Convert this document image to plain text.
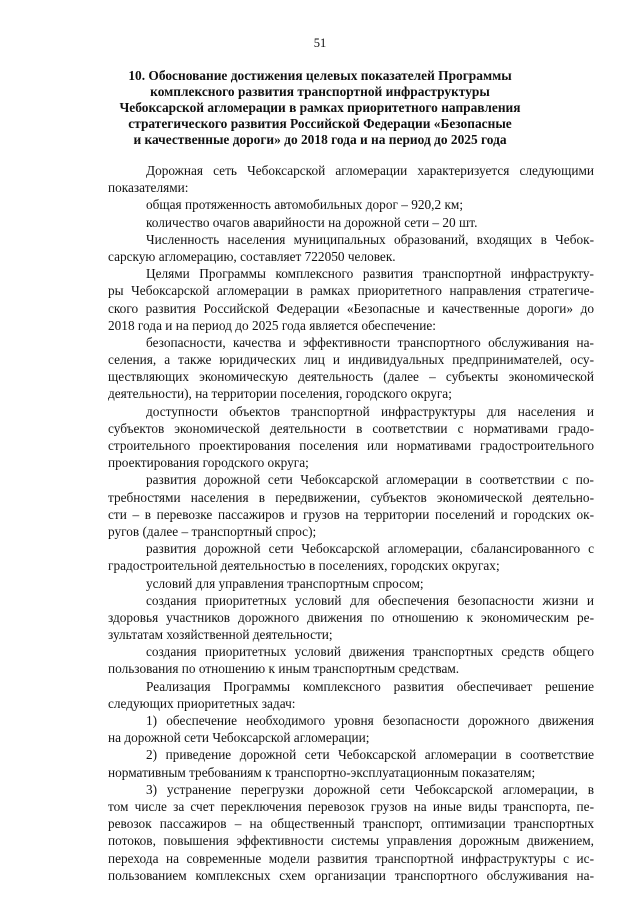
51
10. Обоснование достижения целевых показателей Программы
комплексного развития транспортной инфраструктуры
Чебоксарской агломерации в рамках приоритетного направления
стратегического развития Российской Федерации «Безопасные
и качественные дороги» до 2018 года и на период до 2025 года
Дорожная сеть Чебоксарской агломерации характеризуется следующими
показателями:
общая протяженность автомобильных дорог – 920,2 км;
количество очагов аварийности на дорожной сети – 20 шт.
Численность населения муниципальных образований, входящих в Чебок-
сарскую агломерацию, составляет 722050 человек.
Целями Программы комплексного развития транспортной инфраструкту-
ры Чебоксарской агломерации в рамках приоритетного направления стратегиче-
ского развития Российской Федерации «Безопасные и качественные дороги» до
2018 года и на период до 2025 года является обеспечение:
безопасности, качества и эффективности транспортного обслуживания на-
селения, а также юридических лиц и индивидуальных предпринимателей, осу-
ществляющих экономическую деятельность (далее – субъекты экономической
деятельности), на территории поселения, городского округа;
доступности объектов транспортной инфраструктуры для населения и
субъектов экономической деятельности в соответствии с нормативами градо-
строительного проектирования поселения или нормативами градостроительного
проектирования городского округа;
развития дорожной сети Чебоксарской агломерации в соответствии с по-
требностями населения в передвижении, субъектов экономической деятельно-
сти – в перевозке пассажиров и грузов на территории поселений и городских ок-
ругов (далее – транспортный спрос);
развития дорожной сети Чебоксарской агломерации, сбалансированного с
градостроительной деятельностью в поселениях, городских округах;
условий для управления транспортным спросом;
создания приоритетных условий для обеспечения безопасности жизни и
здоровья участников дорожного движения по отношению к экономическим ре-
зультатам хозяйственной деятельности;
создания приоритетных условий движения транспортных средств общего
пользования по отношению к иным транспортным средствам.
Реализация Программы комплексного развития обеспечивает решение
следующих приоритетных задач:
1) обеспечение необходимого уровня безопасности дорожного движения
на дорожной сети Чебоксарской агломерации;
2) приведение дорожной сети Чебоксарской агломерации в соответствие
нормативным требованиям к транспортно-эксплуатационным показателям;
3) устранение перегрузки дорожной сети Чебоксарской агломерации, в
том числе за счет переключения перевозок грузов на иные виды транспорта, пе-
ревозок пассажиров – на общественный транспорт, оптимизации транспортных
потоков, повышения эффективности системы управления дорожным движением,
перехода на современные модели развития транспортной инфраструктуры с ис-
пользованием комплексных схем организации транспортного обслуживания на-
